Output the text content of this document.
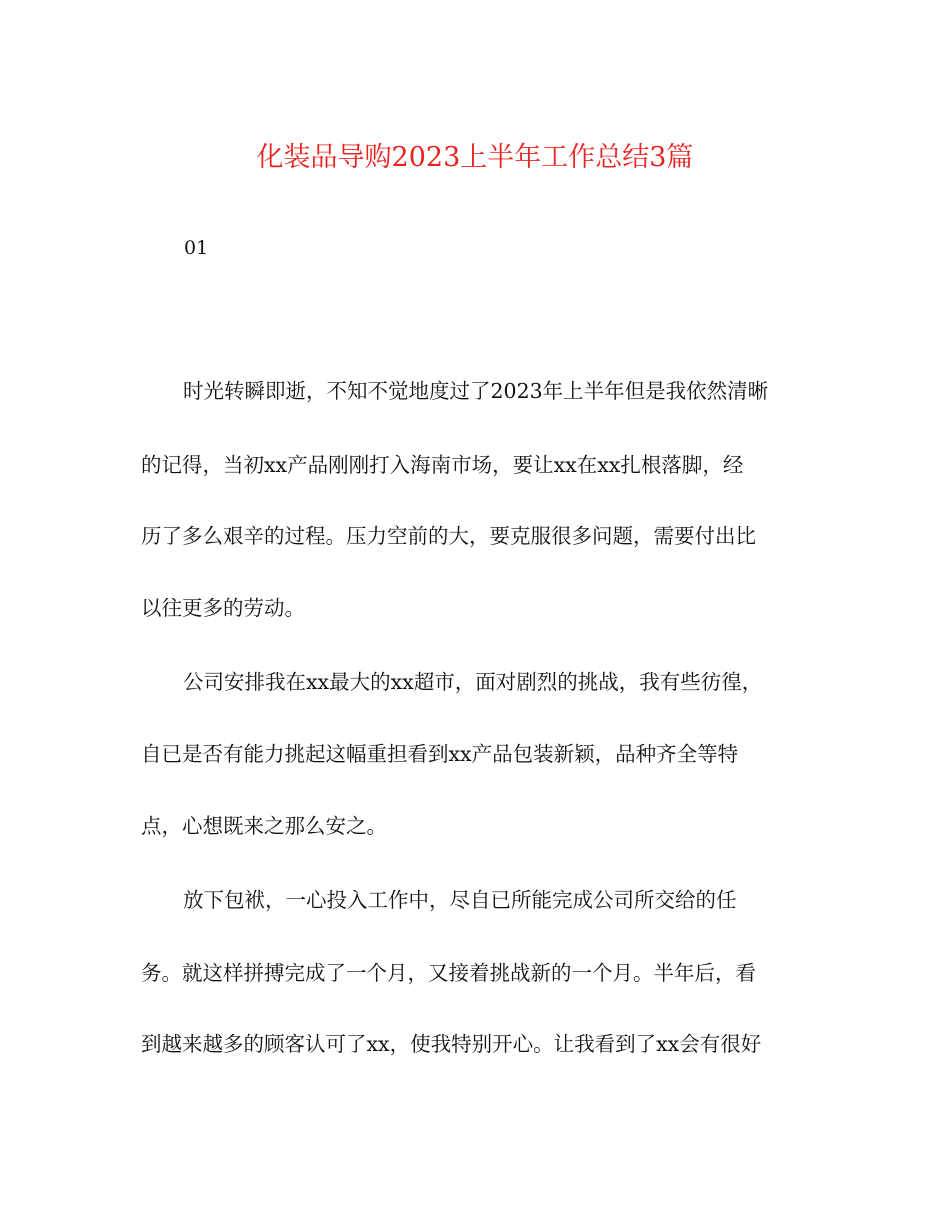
化装品导购2023上半年工作总结3篇
01
时光转瞬即逝，不知不觉地度过了2023年上半年但是我依然清晰
的记得，当初xx产品刚刚打入海南市场，要让xx在xx扎根落脚，经
历了多么艰辛的过程。压力空前的大，要克服很多问题，需要付出比
以往更多的劳动。
公司安排我在xx最大的xx超市，面对剧烈的挑战，我有些彷徨，
自已是否有能力挑起这幅重担看到xx产品包装新颖，品种齐全等特
点，心想既来之那么安之。
放下包袱，一心投入工作中，尽自已所能完成公司所交给的任
务。就这样拼搏完成了一个月，又接着挑战新的一个月。半年后，看
到越来越多的顾客认可了xx，使我特别开心。让我看到了xx会有很好
